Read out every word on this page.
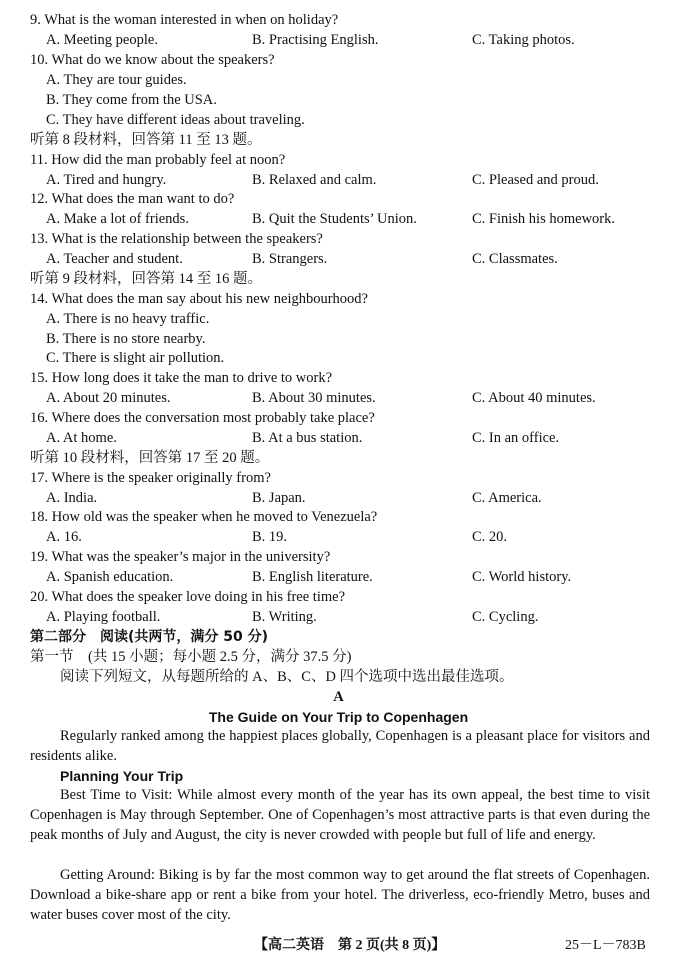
9. What is the woman interested in when on holiday?
A. Meeting people.	B. Practising English.	C. Taking photos.
10. What do we know about the speakers?
A. They are tour guides.
B. They come from the USA.
C. They have different ideas about traveling.
听第 8 段材料，回答第 11 至 13 题。
11. How did the man probably feel at noon?
A. Tired and hungry.	B. Relaxed and calm.	C. Pleased and proud.
12. What does the man want to do?
A. Make a lot of friends.	B. Quit the Students’ Union.	C. Finish his homework.
13. What is the relationship between the speakers?
A. Teacher and student.	B. Strangers.	C. Classmates.
听第 9 段材料，回答第 14 至 16 题。
14. What does the man say about his new neighbourhood?
A. There is no heavy traffic.
B. There is no store nearby.
C. There is slight air pollution.
15. How long does it take the man to drive to work?
A. About 20 minutes.	B. About 30 minutes.	C. About 40 minutes.
16. Where does the conversation most probably take place?
A. At home.	B. At a bus station.	C. In an office.
听第 10 段材料，回答第 17 至 20 题。
17. Where is the speaker originally from?
A. India.	B. Japan.	C. America.
18. How old was the speaker when he moved to Venezuela?
A. 16.	B. 19.	C. 20.
19. What was the speaker’s major in the university?
A. Spanish education.	B. English literature.	C. World history.
20. What does the speaker love doing in his free time?
A. Playing football.	B. Writing.	C. Cycling.
第二部分　阅读(共两节，满分 50 分)
第一节　(共 15 小题；每小题 2.5 分，满分 37.5 分)
阅读下列短文，从每题所给的 A、B、C、D 四个选项中选出最佳选项。
A
The Guide on Your Trip to Copenhagen
Regularly ranked among the happiest places globally, Copenhagen is a pleasant place for visitors and residents alike.
Planning Your Trip
Best Time to Visit: While almost every month of the year has its own appeal, the best time to visit Copenhagen is May through September. One of Copenhagen’s most attractive parts is that even during the peak months of July and August, the city is never crowded with people but full of life and energy.
Getting Around: Biking is by far the most common way to get around the flat streets of Copenhagen. Download a bike-share app or rent a bike from your hotel. The driverless, eco-friendly Metro, buses and water buses cover most of the city.
【高二英语　第 2 页(共 8 页)】	25－L－783B
